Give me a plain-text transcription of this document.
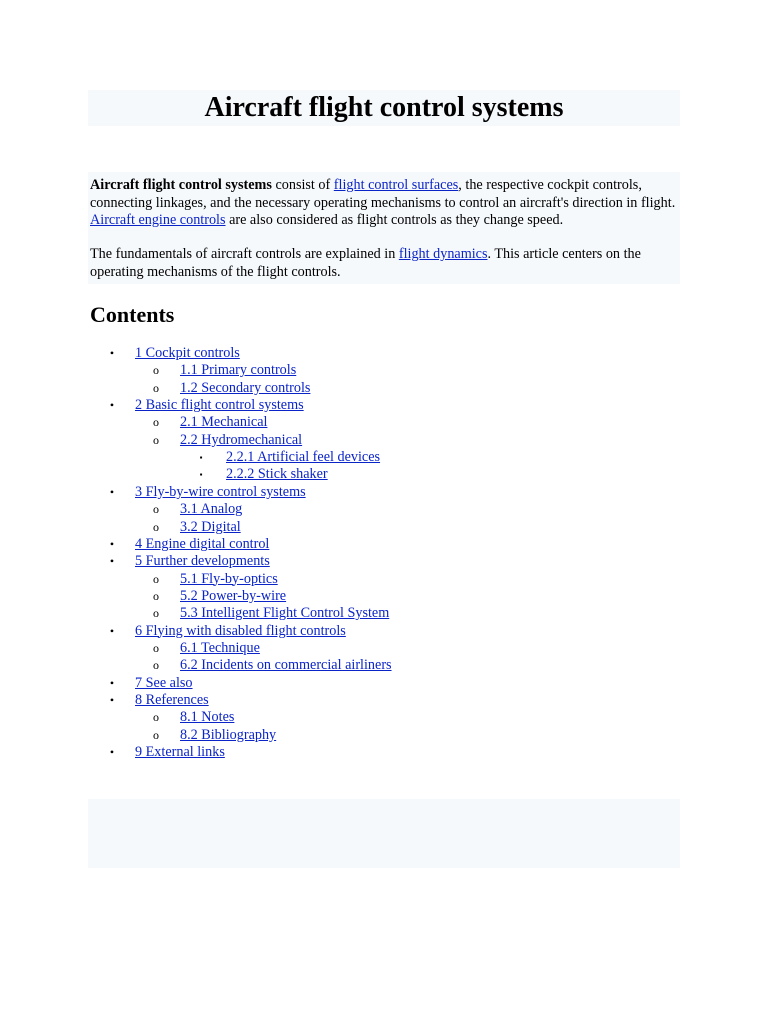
Aircraft flight control systems

Aircraft flight control systems consist of flight control surfaces, the respective cockpit controls, connecting linkages, and the necessary operating mechanisms to control an aircraft's direction in flight. Aircraft engine controls are also considered as flight controls as they change speed.

The fundamentals of aircraft controls are explained in flight dynamics. This article centers on the operating mechanisms of the flight controls.

Contents
• 1 Cockpit controls
o 1.1 Primary controls
o 1.2 Secondary controls
• 2 Basic flight control systems
o 2.1 Mechanical
o 2.2 Hydromechanical
▪	2.2.1 Artificial feel devices
▪	2.2.2 Stick shaker
• 3 Fly-by-wire control systems
o 3.1 Analog
o 3.2 Digital
• 4 Engine digital control
• 5 Further developments
o 5.1 Fly-by-optics
o 5.2 Power-by-wire
o 5.3 Intelligent Flight Control System
• 6 Flying with disabled flight controls
o 6.1 Technique
o 6.2 Incidents on commercial airliners
• 7 See also
• 8 References
o 8.1 Notes
o 8.2 Bibliography
• 9 External links
